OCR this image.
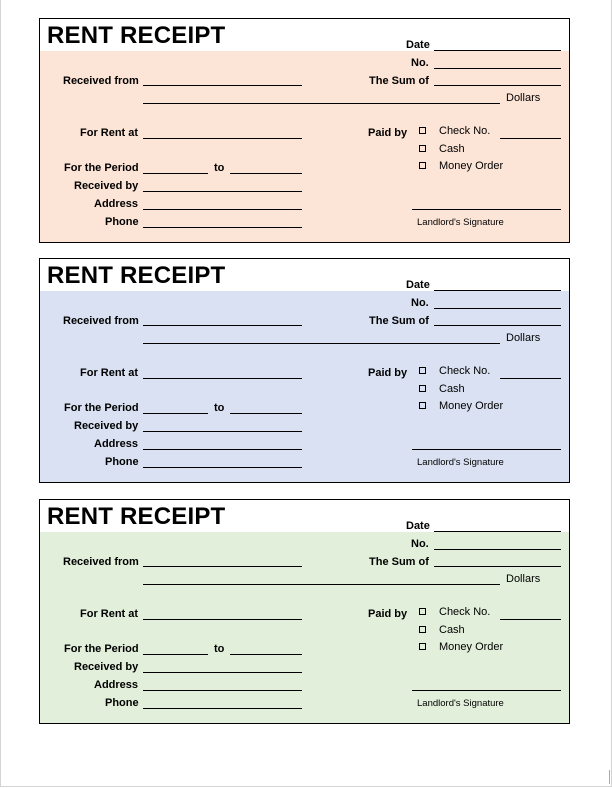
RENT RECEIPT	Date
No.
Received from	The Sum of
Dollars
For Rent at	Paid by	Check No.
Cash
Money Order
For the Period	to
Received by
Address
Phone	Landlord's Signature
RENT RECEIPT	Date
No.
Received from	The Sum of
Dollars
For Rent at	Paid by	Check No.
Cash
Money Order
For the Period	to
Received by
Address
Phone	Landlord's Signature
RENT RECEIPT	Date
No.
Received from	The Sum of
Dollars
For Rent at	Paid by	Check No.
Cash
Money Order
For the Period	to
Received by
Address
Phone	Landlord's Signature
